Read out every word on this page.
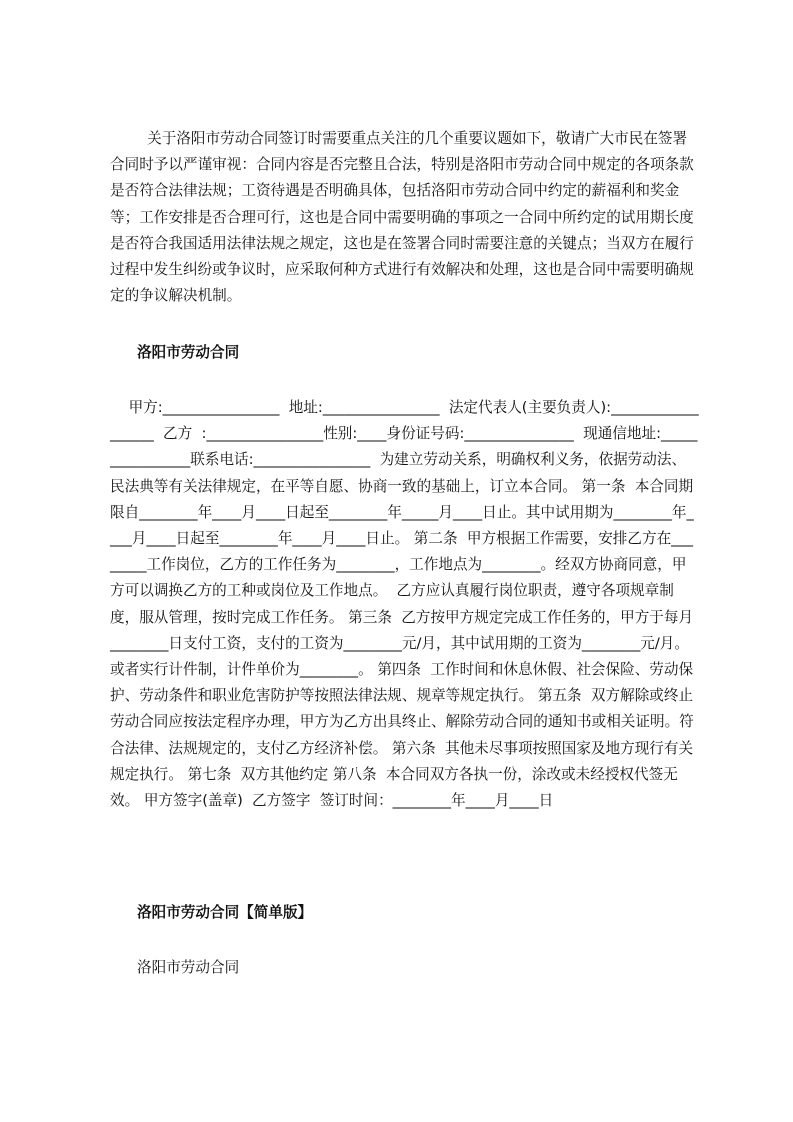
关于洛阳市劳动合同签订时需要重点关注的几个重要议题如下，敬请广大市民在签署合同时予以严谨审视：合同内容是否完整且合法，特别是洛阳市劳动合同中规定的各项条款是否符合法律法规；工资待遇是否明确具体，包括洛阳市劳动合同中约定的薪福利和奖金等；工作安排是否合理可行，这也是合同中需要明确的事项之一合同中所约定的试用期长度是否符合我国适用法律法规之规定，这也是在签署合同时需要注意的关键点；当双方在履行过程中发生纠纷或争议时，应采取何种方式进行有效解决和处理，这也是合同中需要明确规定的争议解决机制。

洛阳市劳动合同

甲方:________________  地址:________________  法定代表人(主要负责人):__________________  乙方  :________________性别:____身份证号码:_______________  现通信地址:________________联系电话:________________  为建立劳动关系，明确权利义务，依据劳动法、民法典等有关法律规定，在平等自愿、协商一致的基础上，订立本合同。 第一条  本合同期限自________年____月____日起至________年_____月____日止。其中试用期为________年____月____日起至________年____月____日止。 第二条  甲方根据工作需要，安排乙方在________工作岗位，乙方的工作任务为________，工作地点为________。经双方协商同意，甲方可以调换乙方的工种或岗位及工作地点。  乙方应认真履行岗位职责，遵守各项规章制度，服从管理，按时完成工作任务。 第三条  乙方按甲方规定完成工作任务的，甲方于每月________日支付工资，支付的工资为________元/月，其中试用期的工资为________元/月。或者实行计件制，计件单价为________。 第四条  工作时间和休息休假、社会保险、劳动保护、劳动条件和职业危害防护等按照法律法规、规章等规定执行。 第五条  双方解除或终止劳动合同应按法定程序办理，甲方为乙方出具终止、解除劳动合同的通知书或相关证明。符合法律、法规规定的，支付乙方经济补偿。 第六条  其他未尽事项按照国家及地方现行有关规定执行。 第七条  双方其他约定 第八条  本合同双方各执一份，涂改或未经授权代签无效。 甲方签字(盖章)  乙方签字  签订时间：________年____月____日

洛阳市劳动合同【简单版】

洛阳市劳动合同
